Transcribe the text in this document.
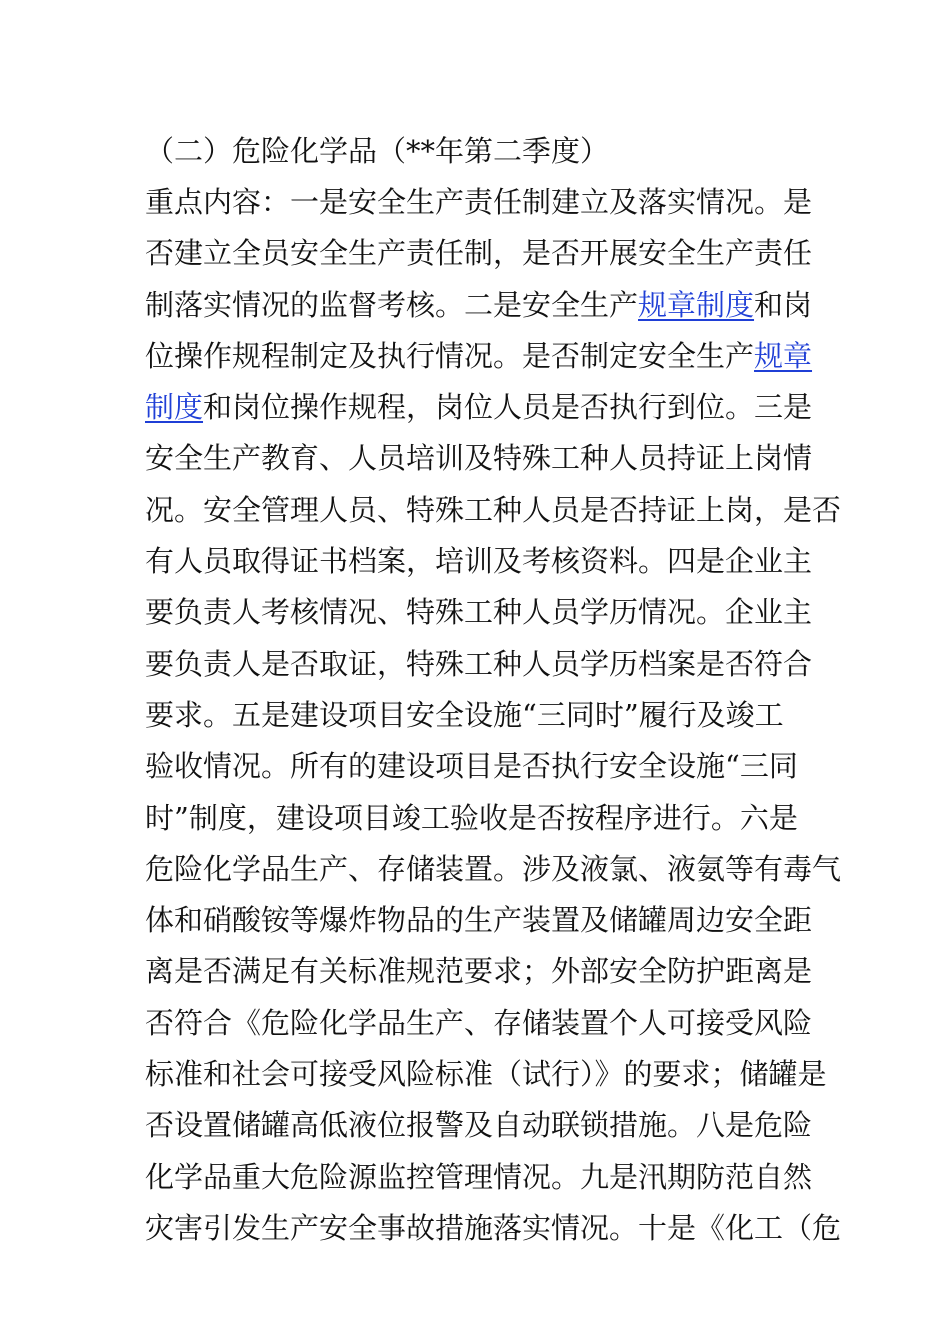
（二）危险化学品（**年第二季度）
重点内容：一是安全生产责任制建立及落实情况。是
否建立全员安全生产责任制，是否开展安全生产责任
制落实情况的监督考核。二是安全生产规章制度和岗
位操作规程制定及执行情况。是否制定安全生产规章
制度和岗位操作规程，岗位人员是否执行到位。三是
安全生产教育、人员培训及特殊工种人员持证上岗情
况。安全管理人员、特殊工种人员是否持证上岗，是否
有人员取得证书档案，培训及考核资料。四是企业主
要负责人考核情况、特殊工种人员学历情况。企业主
要负责人是否取证，特殊工种人员学历档案是否符合
要求。五是建设项目安全设施“三同时”履行及竣工
验收情况。所有的建设项目是否执行安全设施“三同
时”制度，建设项目竣工验收是否按程序进行。六是
危险化学品生产、存储装置。涉及液氯、液氨等有毒气
体和硝酸铵等爆炸物品的生产装置及储罐周边安全距
离是否满足有关标准规范要求；外部安全防护距离是
否符合《危险化学品生产、存储装置个人可接受风险
标准和社会可接受风险标准（试行）》的要求；储罐是
否设置储罐高低液位报警及自动联锁措施。八是危险
化学品重大危险源监控管理情况。九是汛期防范自然
灾害引发生产安全事故措施落实情况。十是《化工（危
